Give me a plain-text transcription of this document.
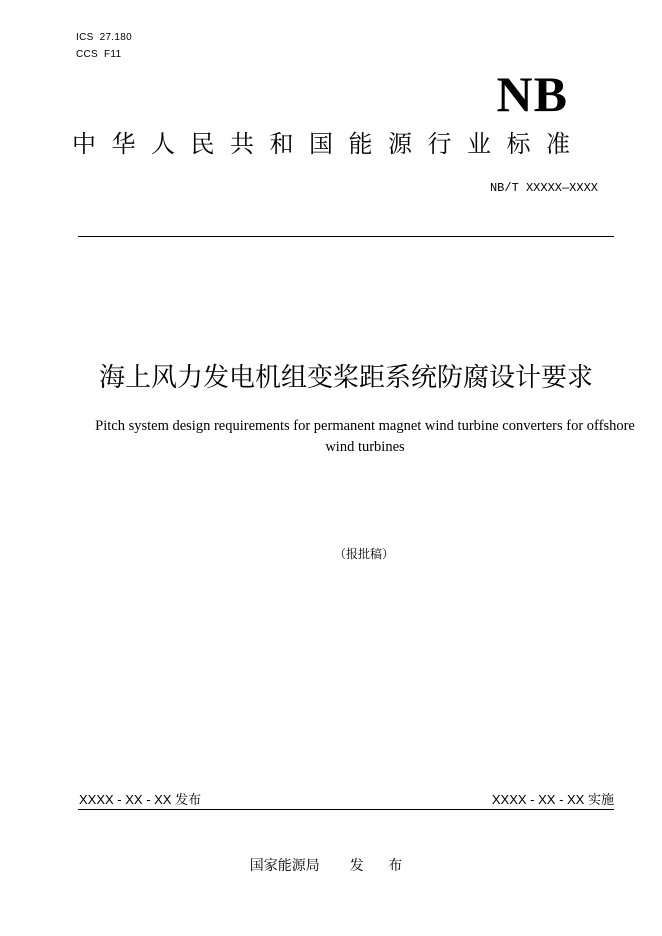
ICS 27.180
CCS F11
NB
中华人民共和国能源行业标准
NB/T XXXXX—XXXX
海上风力发电机组变桨距系统防腐设计要求
Pitch system design requirements for permanent magnet wind turbine converters for offshore wind turbines
（报批稿）
XXXX - XX - XX 发布	XXXX - XX - XX 实施
国家能源局 发 布
